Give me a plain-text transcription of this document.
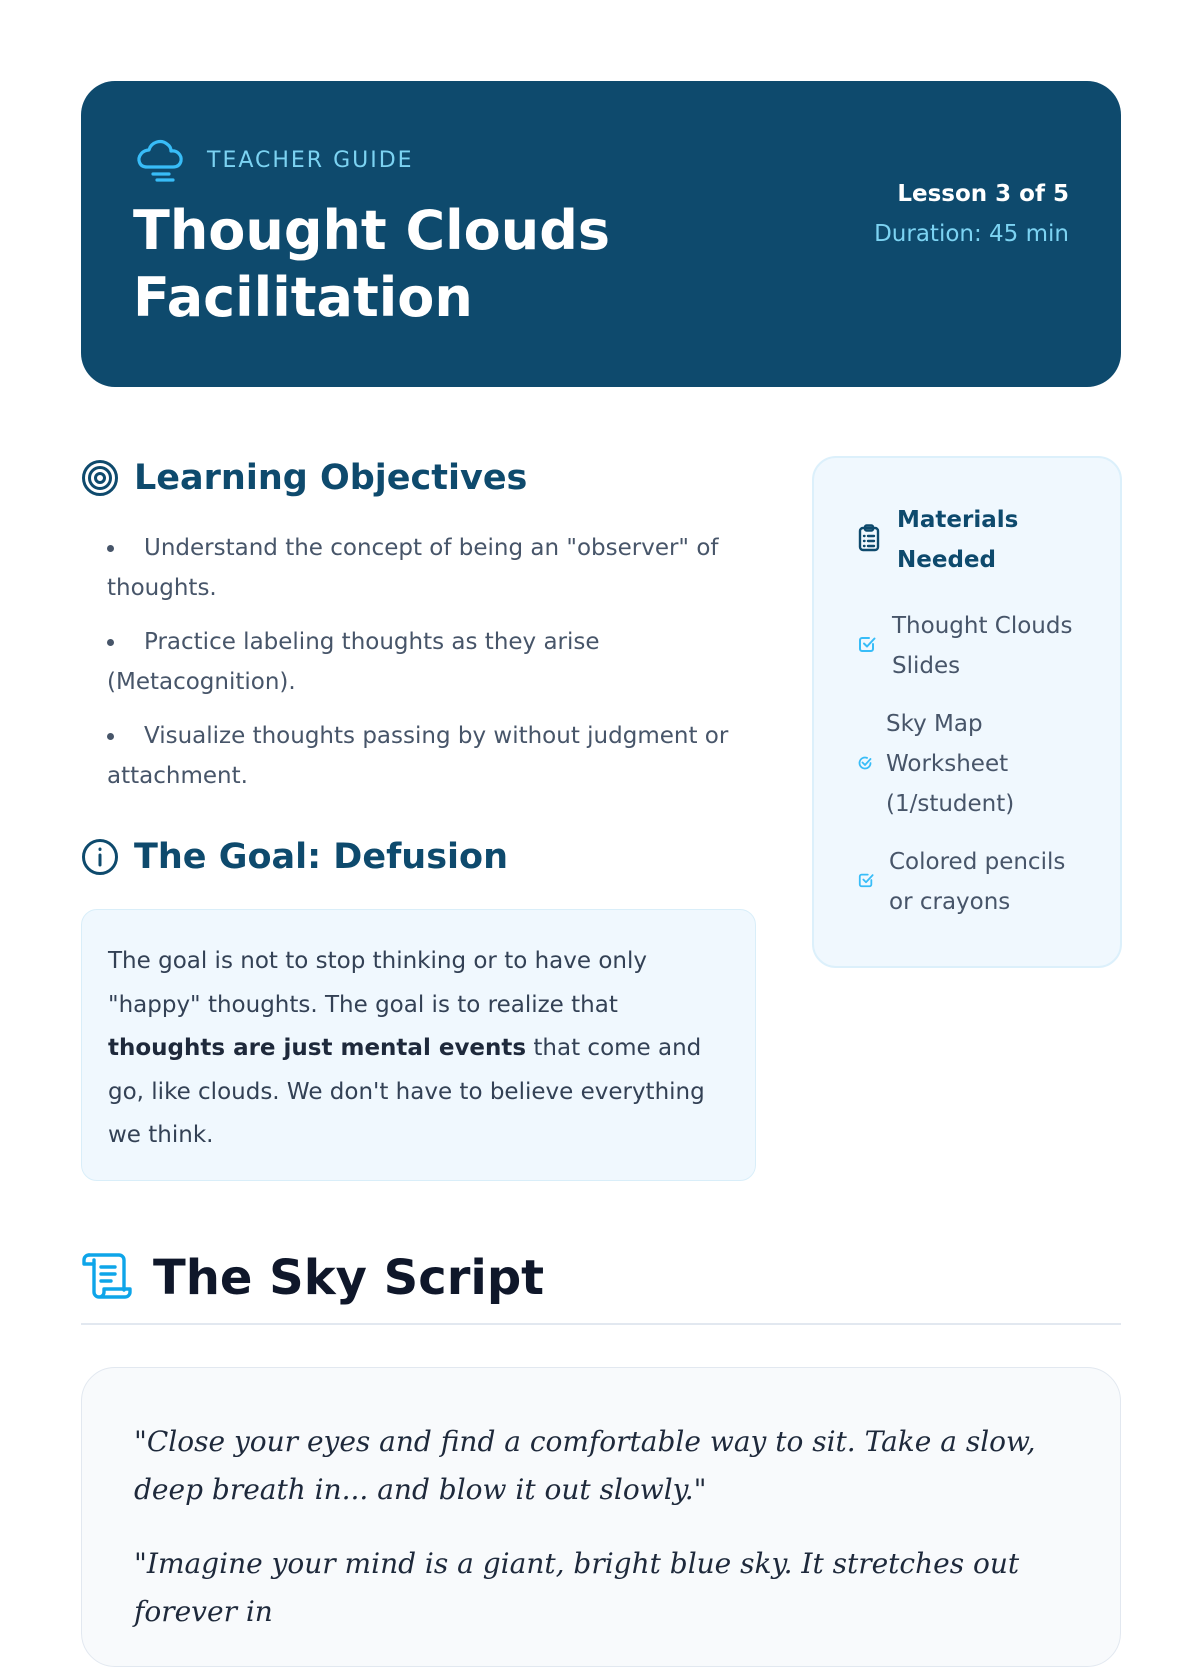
TEACHER GUIDE
Thought Clouds Facilitation
Lesson 3 of 5
Duration: 45 min
Learning Objectives
Understand the concept of being an "observer" of thoughts.
Practice labeling thoughts as they arise (Metacognition).
Visualize thoughts passing by without judgment or attachment.
The Goal: Defusion

The goal is not to stop thinking or to have only "happy" thoughts. The goal is to realize that thoughts are just mental events that come and go, like clouds. We don't have to believe everything we think.

Materials Needed
Thought Clouds Slides
Sky Map Worksheet (1/student)
Colored pencils or crayons
The Sky Script

"Close your eyes and find a comfortable way to sit. Take a slow, deep breath in... and blow it out slowly."

"Imagine your mind is a giant, bright blue sky. It stretches out forever in
